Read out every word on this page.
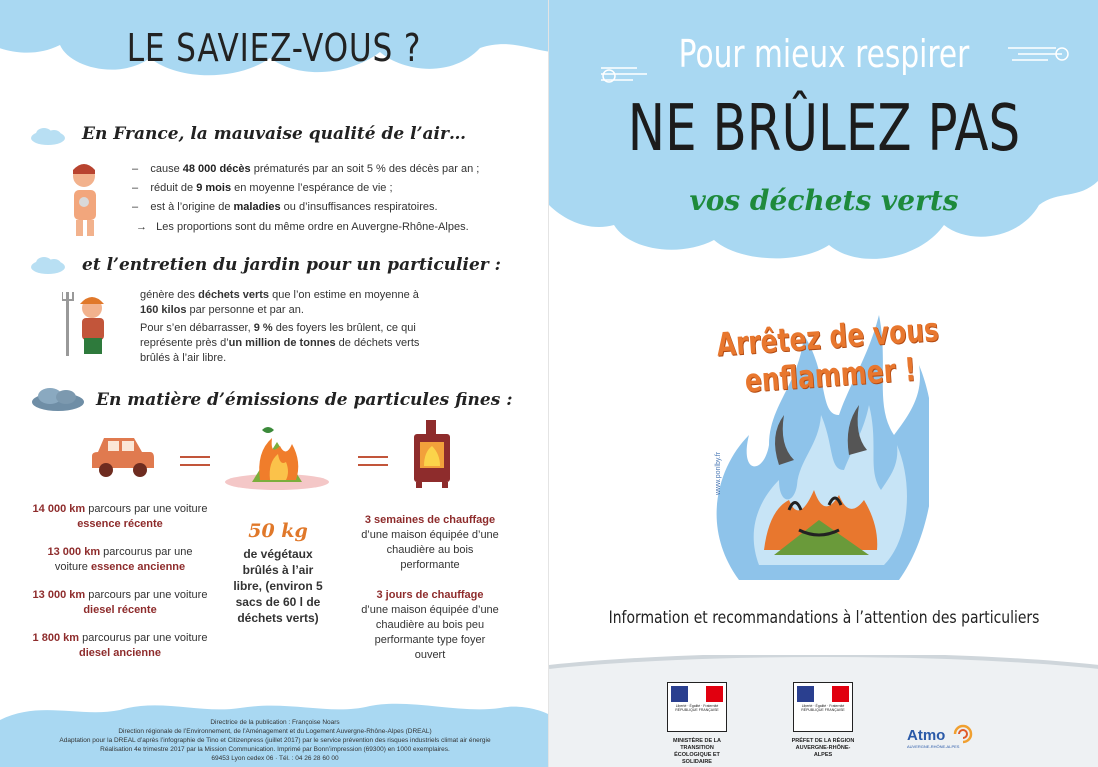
LE SAVIEZ-VOUS ?
En France, la mauvaise qualité de l’air…
–    cause 48 000 décès prématurés par an soit 5 % des décès par an ;
–    réduit de 9 mois en moyenne l’espérance de vie ;
–    est à l’origine de maladies ou d’insuffisances respiratoires.
→   Les proportions sont du même ordre en Auvergne-Rhône-Alpes.
et l’entretien du jardin pour un particulier :

génère des déchets verts que l’on estime en moyenne à 160 kilos par personne et par an.

Pour s’en débarrasser, 9 % des foyers les brûlent, ce qui représente près d’un million de tonnes de déchets verts brûlés à l’air libre.

En matière d’émissions de particules fines :
14 000 km parcours par une voiture essence récente
13 000 km parcourus par une voiture essence ancienne
13 000 km parcours par une voiture diesel récente
1 800 km parcourus par une voiture diesel ancienne
50 kg
de végétaux brûlés à l’air libre, (environ 5 sacs de 60 l de déchets verts)
3 semaines de chauffage
d’une maison équipée d’une chaudière au bois performante
3 jours de chauffage
d’une maison équipée d’une chaudière au bois peu performante type foyer ouvert
Directrice de la publication : Françoise Noars
Direction régionale de l’Environnement, de l’Aménagement et du Logement Auvergne-Rhône-Alpes (DREAL)
Adaptation pour la DREAL d’après l’infographie de Tino et Citizenpress (juillet 2017) par le service prévention des risques industriels climat air énergie
Réalisation 4e trimestre 2017 par la Mission Communication. Imprimé par Bonn’impression (69300) en 1000 exemplaires.
69453 Lyon cedex 06 · Tél. : 04 26 28 60 00
Pour mieux respirer
NE BRÛLEZ PAS
vos déchets verts
Arrêtez de vous enflammer !
www.ponlby.fr
Information et recommandations à l’attention des particuliers
Liberté · Égalité · Fraternité RÉPUBLIQUE FRANÇAISE
MINISTÈRE DE LA TRANSITION ÉCOLOGIQUE ET SOLIDAIRE
Liberté · Égalité · Fraternité RÉPUBLIQUE FRANÇAISE
PRÉFET DE LA RÉGION AUVERGNE-RHÔNE-ALPES
Atmo
AUVERGNE-RHÔNE-ALPES
